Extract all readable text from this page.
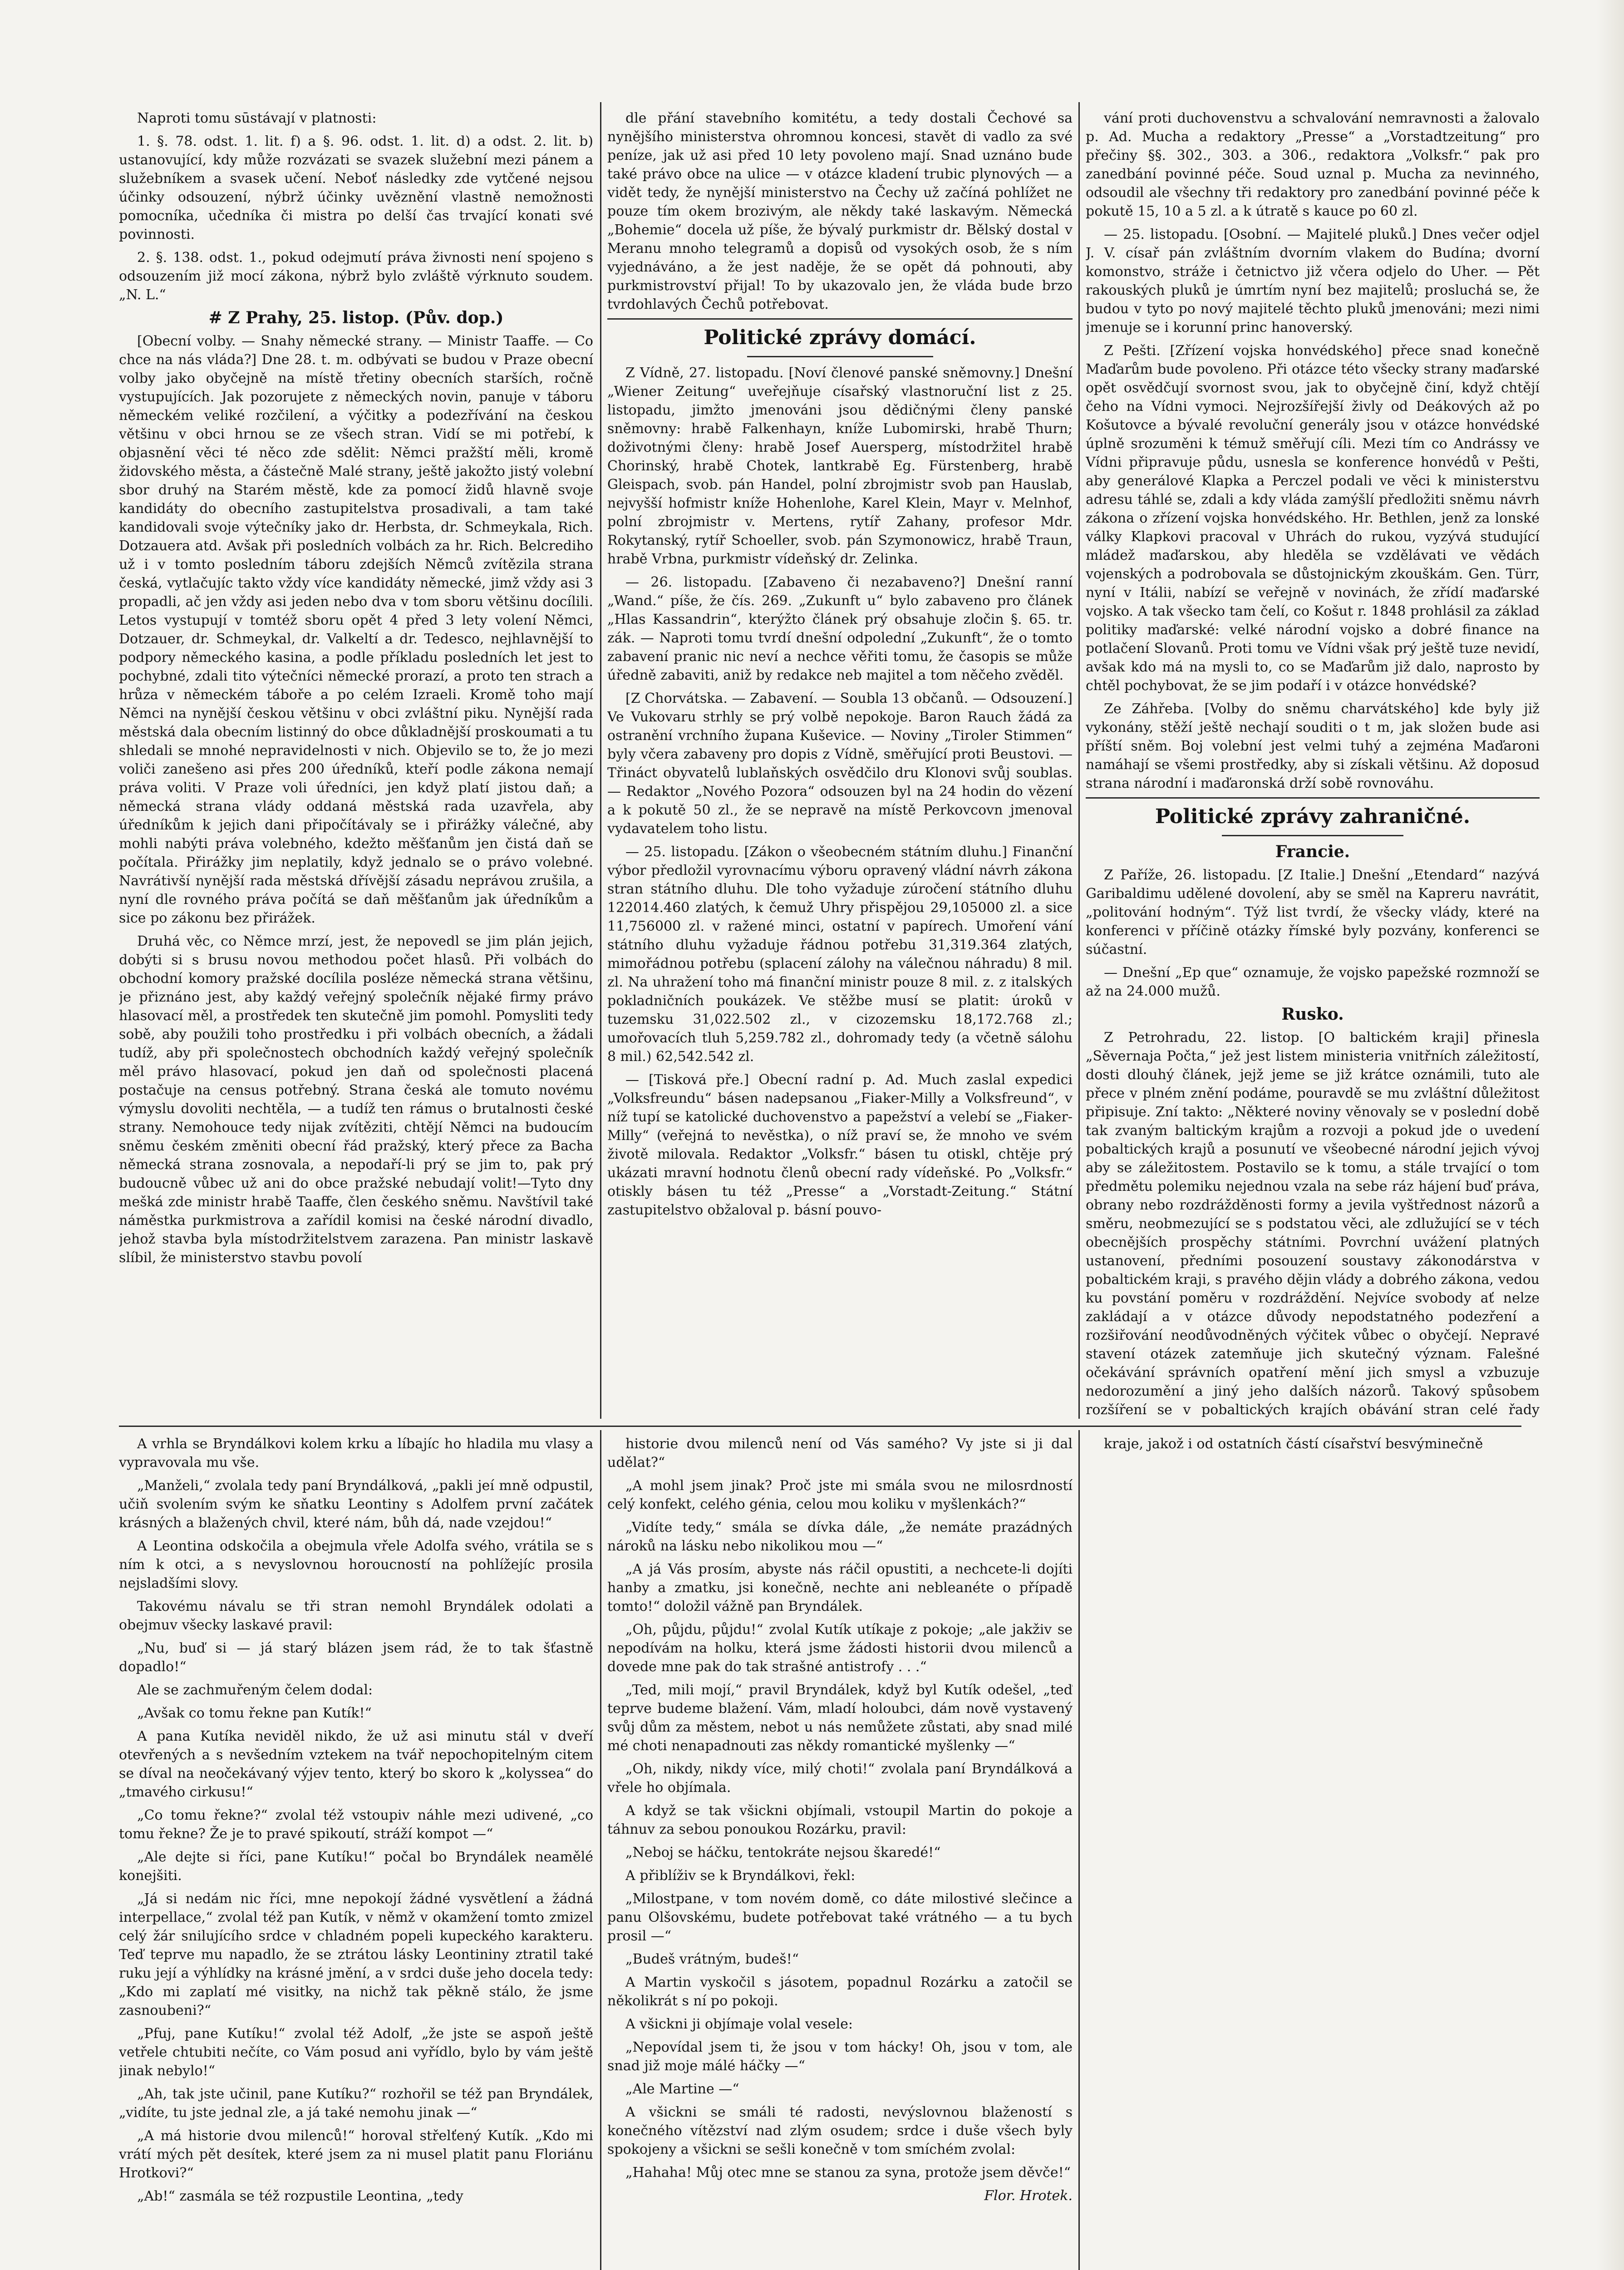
Naproti tomu sūstávají v platnosti:

1. §. 78. odst. 1. lit. f) a §. 96. odst. 1. lit. d) a odst. 2. lit. b) ustanovující, kdy může rozvázati se svazek služební mezi pánem a služebníkem a svasek učení. Neboť následky zde vytčené nejsou účinky odsouzení, nýbrž účinky uvěznění vlastně nemožnosti pomocníka, učedníka či mistra po delší čas trvající konati své povinnosti.

2. §. 138. odst. 1., pokud odejmutí práva živnosti není spojeno s odsouzením již mocí zákona, nýbrž bylo zvláště výrknuto soudem. „N. L.“

# Z Prahy, 25. listop. (Pův. dop.)

[Obecní volby. — Snahy německé strany. — Ministr Taaffe. — Co chce na nás vláda?] Dne 28. t. m. odbývati se budou v Praze obecní volby jako obyčejně na místě třetiny obecních starších, ročně vystupujících. Jak pozorujete z německých novin, panuje v táboru německém veliké rozčilení, a výčitky a podezřívání na českou většinu v obci hrnou se ze všech stran. Vidí se mi potřebí, k objasnění věci té něco zde sdělit: Němci pražští měli, kromě židovského města, a částečně Malé strany, ještě jakožto jistý volební sbor druhý na Starém městě, kde za pomocí židů hlavně svoje kandidáty do obecního zastupitelstva prosadivali, a tam také kandidovali svoje výtečníky jako dr. Herbsta, dr. Schmeykala, Rich. Dotzauera atd. Avšak při posledních volbách za hr. Rich. Belcrediho už i v tomto posledním táboru zdejších Němců zvítězila strana česká, vytlačujíc takto vždy více kandidáty německé, jimž vždy asi 3 propadli, ač jen vždy asi jeden nebo dva v tom sboru většinu docílili. Letos vystupují v tomtéž sboru opět 4 před 3 lety volení Němci, Dotzauer, dr. Schmeykal, dr. Valkeltí a dr. Tedesco, nejhlavnější to podpory německého kasina, a podle příkladu posledních let jest to pochybné, zdali tito výtečníci německé prorazí, a proto ten strach a hrůza v německém táboře a po celém Izraeli. Kromě toho mají Němci na nynější českou většinu v obci zvláštní piku. Nynější rada městská dala obecním listinný do obce důkladnější proskoumati a tu shledali se mnohé nepravidelnosti v nich. Objevilo se to, že jo mezi voliči zanešeno asi přes 200 úředníků, kteří podle zákona nemají práva voliti. V Praze voli úředníci, jen když platí jistou daň; a německá strana vlády oddaná městská rada uzavřela, aby úředníkům k jejich dani připočítávaly se i přirážky válečné, aby mohli nabýti práva volebného, kdežto měšťanům jen čistá daň se počítala. Přirážky jim neplatily, když jednalo se o právo volebné. Navrátivší nynější rada městská dřívější zásadu neprávou zrušila, a nyní dle rovného práva počítá se daň měšťanům jak úředníkům a sice po zákonu bez přirážek.

Druhá věc, co Němce mrzí, jest, že nepovedl se jim plán jejich, dobýti si s brusu novou methodou počet hlasů. Při volbách do obchodní komory pražské docílila posléze německá strana většinu, je přiznáno jest, aby každý veřejný společník nějaké firmy právo hlasovací měl, a prostředek ten skutečně jim pomohl. Pomysliti tedy sobě, aby použili toho prostředku i při volbách obecních, a žádali tudíž, aby při společnostech obchodních každý veřejný společník měl právo hlasovací, pokud jen daň od společnosti placená postačuje na census potřebný. Strana česká ale tomuto novému výmyslu dovoliti nechtěla, — a tudíž ten rámus o brutalnosti české strany. Nemohouce tedy nijak zvítěziti, chtějí Němci na budoucím sněmu českém změniti obecní řád pražský, který přece za Bacha německá strana zosnovala, a nepodaří-li prý se jim to, pak prý budoucně vůbec už ani do obce pražské nebudají volit!—Tyto dny mešká zde ministr hrabě Taaffe, člen českého sněmu. Navštívil také náměstka purkmistrova a zařídil komisi na české národní divadlo, jehož stavba byla místodržitelstvem zarazena. Pan ministr laskavě slíbil, že ministerstvo stavbu povolí

dle přání stavebního komitétu, a tedy dostali Čechové sa nynějšího ministerstva ohromnou koncesi, stavět di vadlo za své peníze, jak už asi před 10 lety povoleno mají. Snad uznáno bude také právo obce na ulice — v otázce kladení trubic plynových — a vidět tedy, že nynější ministerstvo na Čechy už začíná pohlížet ne pouze tím okem brozivým, ale někdy také laskavým. Německá „Bohemie“ docela už píše, že bývalý purkmistr dr. Bělský dostal v Meranu mnoho telegramů a dopisů od vysokých osob, že s ním vyjednáváno, a že jest naděje, že se opět dá pohnouti, aby purkmistrovství přijal! To by ukazovalo jen, že vláda bude brzo tvrdohlavých Čechů potřebovat.

Politické zprávy domácí.

Z Vídně, 27. listopadu. [Noví členové panské sněmovny.] Dnešní „Wiener Zeitung“ uveřejňuje císařský vlastnoruční list z 25. listopadu, jimžto jmenováni jsou dědičnými členy panské sněmovny: hrabě Falkenhayn, kníže Lubomirski, hrabě Thurn; doživotnými členy: hrabě Josef Auersperg, místodržitel hrabě Chorinský, hrabě Chotek, lantkrabě Eg. Fürstenberg, hrabě Gleispach, svob. pán Handel, polní zbrojmistr svob pan Hauslab, nejvyšší hofmistr kníže Hohenlohe, Karel Klein, Mayr v. Melnhof, polní zbrojmistr v. Mertens, rytíř Zahany, profesor Mdr. Rokytanský, rytíř Schoeller, svob. pán Szymonowicz, hrabě Traun, hrabě Vrbna, purkmistr vídeňský dr. Zelinka.

— 26. listopadu. [Zabaveno či nezabaveno?] Dnešní ranní „Wand.“ píše, že čís. 269. „Zukunft u“ bylo zabaveno pro článek „Hlas Kassandrin“, kterýžto článek prý obsahuje zločin §. 65. tr. zák. — Naproti tomu tvrdí dnešní odpolední „Zukunft“, že o tomto zabavení pranic nic neví a nechce věřiti tomu, že časopis se může úředně zabaviti, aniž by redakce neb majitel a tom něčeho zvěděl.

[Z Chorvátska. — Zabavení. — Soubla 13 občanů. — Odsouzení.] Ve Vukovaru strhly se prý volbě nepokoje. Baron Rauch žádá za ostranění vrchního župana Kuševice. — Noviny „Tiroler Stimmen“ byly včera zabaveny pro dopis z Vídně, směřující proti Beustovi. — Třináct obyvatelů lublaňských osvědčilo dru Klonovi svůj soublas. — Redaktor „Nového Pozora“ odsouzen byl na 24 hodin do vězení a k pokutě 50 zl., že se nepravě na místě Perkovcovn jmenoval vydavatelem toho listu.

— 25. listopadu. [Zákon o všeobecném státním dluhu.] Finanční výbor předložil vyrovnacímu výboru opravený vládní návrh zákona stran státního dluhu. Dle toho vyžaduje zúročení státního dluhu 122014.460 zlatých, k čemuž Uhry přispějou 29,105000 zl. a sice 11,756000 zl. v ražené minci, ostatní v papírech. Umoření vání státního dluhu vyžaduje řádnou potřebu 31,319.364 zlatých, mimořádnou potřebu (splacení zálohy na válečnou náhradu) 8 mil. zl. Na uhražení toho má finanční ministr pouze 8 mil. z. z italských pokladničních poukázek. Ve stěžbe musí se platit: úroků v tuzemsku 31,022.502 zl., v cizozemsku 18,172.768 zl.; umořovacích tluh 5,259.782 zl., dohromady tedy (a včetně sálohu 8 mil.) 62,542.542 zl.

— [Tisková pře.] Obecní radní p. Ad. Much zaslal expedici „Volksfreundu“ básen nadepsanou „Fiaker-Milly a Volksfreund“, v níž tupí se katolické duchovenstvo a papežství a velebí se „Fiaker-Milly“ (veřejná to nevěstka), o níž praví se, že mnoho ve svém životě milovala. Redaktor „Volksfr.“ básen tu otiskl, chtěje prý ukázati mravní hodnotu členů obecní rady vídeňské. Po „Volksfr.“ otiskly básen tu též „Presse“ a „Vorstadt-Zeitung.“ Státní zastupitelstvo obžaloval p. básní pouvo-

vání proti duchovenstvu a schvalování nemravnosti a žalovalo p. Ad. Mucha a redaktory „Presse“ a „Vorstadtzeitung“ pro přečiny §§. 302., 303. a 306., redaktora „Volksfr.“ pak pro zanedbání povinné péče. Soud uznal p. Mucha za nevinného, odsoudil ale všechny tři redaktory pro zanedbání povinné péče k pokutě 15, 10 a 5 zl. a k útratě s kauce po 60 zl.

— 25. listopadu. [Osobní. — Majitelé pluků.] Dnes večer odjel J. V. císař pán zvláštním dvorním vlakem do Budína; dvorní komonstvo, stráže i četnictvo již včera odjelo do Uher. — Pět rakouských pluků je úmrtím nyní bez majitelů; prosluchá se, že budou v tyto po nový majitelé těchto pluků jmenováni; mezi nimi jmenuje se i korunní princ hanoverský.

Z Pešti. [Zřízení vojska honvédského] přece snad konečně Maďarům bude povoleno. Při otázce této všecky strany maďarské opět osvědčují svornost svou, jak to obyčejně činí, když chtějí čeho na Vídni vymoci. Nejrozšířejší živly od Deákových až po Košutovce a bývalé revoluční generály jsou v otázce honvédské úplně srozuměni k témuž směřují cíli. Mezi tím co Andrássy ve Vídni připravuje půdu, usnesla se konference honvédů v Pešti, aby generálové Klapka a Perczel podali ve věci k ministerstvu adresu táhlé se, zdali a kdy vláda zamýšlí předložiti sněmu návrh zákona o zřízení vojska honvédského. Hr. Bethlen, jenž za lonské války Klapkovi pracoval v Uhrách do rukou, vyzývá studující mládež maďarskou, aby hleděla se vzdělávati ve vědách vojenských a podrobovala se důstojnickým zkouškám. Gen. Türr, nyní v Itálii, nabízí se veřejně v novinách, že zřídí maďarské vojsko. A tak všecko tam čelí, co Košut r. 1848 prohlásil za základ politiky maďarské: velké národní vojsko a dobré finance na potlačení Slovanů. Proti tomu ve Vídni však prý ještě tuze nevidí, avšak kdo má na mysli to, co se Maďarům již dalo, naprosto by chtěl pochybovat, že se jim podaří i v otázce honvédské?

Ze Záhřeba. [Volby do sněmu charvátského] kde byly již vykonány, stěží ještě nechají souditi o t m, jak složen bude asi příští sněm. Boj volební jest velmi tuhý a zejména Maďaroni namáhají se všemi prostředky, aby si získali většinu. Až doposud strana národní i maďaronská drží sobě rovnováhu.

Politické zprávy zahraničné.

Francie.

Z Paříže, 26. listopadu. [Z Italie.] Dnešní „Etendard“ nazývá Garibaldimu udělené dovolení, aby se směl na Kapreru navrátit, „politování hodným“. Týž list tvrdí, že všecky vlády, které na konferenci v příčině otázky římské byly pozvány, konferenci se súčastní.

— Dnešní „Ep que“ oznamuje, že vojsko papežské rozmnoží se až na 24.000 mužů.

Rusko.

Z Petrohradu, 22. listop. [O baltickém kraji] přinesla „Sěvernaja Počta,“ jež jest listem ministeria vnitřních záležitostí, dosti dlouhý článek, jejž jeme se již krátce oznámili, tuto ale přece v plném znění podáme, pouravdě se mu zvláštní důležitost připisuje. Zní takto: „Některé noviny věnovaly se v poslední době tak zvaným baltickým krajům a rozvoji a pokud jde o uvedení pobaltických krajů a posunutí ve všeobecné národní jejich vývoj aby se záležitostem. Postavilo se k tomu, a stále trvající o tom předmětu polemiku nejednou vzala na sebe ráz hájení buď práva, obrany nebo rozdrážděnosti formy a jevila vyštřednost názorů a směru, neobmezující se s podstatou věci, ale zdlužující se v téch obecnějších prospěchy státními. Povrchní uvážení platných ustanovení, předními posouzení soustavy zákonodárstva v pobaltickém kraji, s pravého dějin vlády a dobrého zákona, vedou ku povstání poměru v rozdráždění. Nejvíce svobody ať nelze zakládají a v otázce důvody nepodstatného podezření a rozšiřování neodůvodněných výčitek vůbec o obyčejí. Nepravé stavení otázek zatemňuje jich skutečný význam. Falešné očekávání správních opatření mění jich smysl a vzbuzuje nedorozumění a jiný jeho dalších názorů. Takový spůsobem rozšíření se v pobaltických krajích obávání stran celé řady

A vrhla se Bryndálkovi kolem krku a líbajíc ho hladila mu vlasy a vypravovala mu vše.

„Manželi,“ zvolala tedy paní Bryndálková, „pakli jeí mně odpustil, učiň svolením svým ke sňatku Leontiny s Adolfem první začátek krásných a blažených chvil, které nám, bůh dá, nade vzejdou!“

A Leontina odskočila a obejmula vřele Adolfa svého, vrátila se s ním k otci, a s nevyslovnou horoucností na pohlížejíc prosila nejsladšími slovy.

Takovému návalu se tři stran nemohl Bryndálek odolati a obejmuv všecky laskavé pravil:

„Nu, buď si — já starý blázen jsem rád, že to tak šťastně dopadlo!“

Ale se zachmuřeným čelem dodal:

„Avšak co tomu řekne pan Kutík!“

A pana Kutíka neviděl nikdo, že už asi minutu stál v dveří otevřených a s nevšedním vztekem na tvář nepochopitelným citem se díval na neočekávaný výjev tento, který bo skoro k „kolyssea“ do „tmavého cirkusu!“

„Co tomu řekne?“ zvolal též vstoupiv náhle mezi udivené, „co tomu řekne? Že je to pravé spikoutí, stráží kompot —“

„Ale dejte si říci, pane Kutíku!“ počal bo Bryndálek neamělé konejšiti.

„Já si nedám nic říci, mne nepokojí žádné vysvětlení a žádná interpellace,“ zvolal též pan Kutík, v němž v okamžení tomto zmizel celý žár snilujícího srdce v chladném popeli kupeckého karakteru. Teď teprve mu napadlo, že se ztrátou lásky Leontininy ztratil také ruku její a výhlídky na krásné jmění, a v srdci duše jeho docela tedy: „Kdo mi zaplatí mé visitky, na nichž tak pěkně stálo, že jsme zasnoubeni?“

„Pfuj, pane Kutíku!“ zvolal též Adolf, „že jste se aspoň ještě vetřele chtubiti nečíte, co Vám posud ani vyřídlo, bylo by vám ještě jinak nebylo!“

„Ah, tak jste učinil, pane Kutíku?“ rozhořil se též pan Bryndálek, „vidíte, tu jste jednal zle, a já také nemohu jinak —“

„A má historie dvou milenců!“ horoval střelťený Kutík. „Kdo mi vrátí mých pět desítek, které jsem za ni musel platit panu Floriánu Hrotkovi?“

„Ab!“ zasmála se též rozpustile Leontina, „tedy

historie dvou milenců není od Vás samého? Vy jste si ji dal udělat?“

„A mohl jsem jinak? Proč jste mi smála svou ne milosrdností celý konfekt, celého génia, celou mou koliku v myšlenkách?“

„Vidíte tedy,“ smála se dívka dále, „že nemáte prazádných nároků na lásku nebo nikolikou mou —“

„A já Vás prosím, abyste nás ráčil opustiti, a nechcete-li dojíti hanby a zmatku, jsi konečně, nechte ani nebleanéte o případě tomto!“ doložil vážně pan Bryndálek.

„Oh, půjdu, půjdu!“ zvolal Kutík utíkaje z pokoje; „ale jakživ se nepodívám na holku, která jsme žádosti historii dvou milenců a dovede mne pak do tak strašné antistrofy . . .“

„Ted, mili mojí,“ pravil Bryndálek, když byl Kutík odešel, „teď teprve budeme blažení. Vám, mladí holoubci, dám nově vystavený svůj dům za městem, nebot u nás nemůžete zůstati, aby snad milé mé choti nenapadnouti zas někdy romantické myšlenky —“

„Oh, nikdy, nikdy více, milý choti!“ zvolala paní Bryndálková a vřele ho objímala.

A když se tak všickni objímali, vstoupil Martin do pokoje a táhnuv za sebou ponoukou Rozárku, pravil:

„Neboj se háčku, tentokráte nejsou škaredé!“

A přiblíživ se k Bryndálkovi, řekl:

„Milostpane, v tom novém domě, co dáte milostivé slečince a panu Olšovskému, budete potřebovat také vrátného — a tu bych prosil —“

„Budeš vrátným, budeš!“

A Martin vyskočil s jásotem, popadnul Rozárku a zatočil se několikrát s ní po pokoji.

A všickni ji objímaje volal vesele:

„Nepovídal jsem ti, že jsou v tom hácky! Oh, jsou v tom, ale snad již moje málé háčky —“

„Ale Martine —“

A všickni se smáli té radosti, nevýslovnou blažeností s konečného vítězství nad zlým osudem; srdce i duše všech byly spokojeny a všickni se sešli konečně v tom smíchém zvolal:

„Hahaha! Můj otec mne se stanou za syna, protože jsem děvče!“

Flor. Hrotek.

kraje, jakož i od ostatních částí císařství besvýminečně
